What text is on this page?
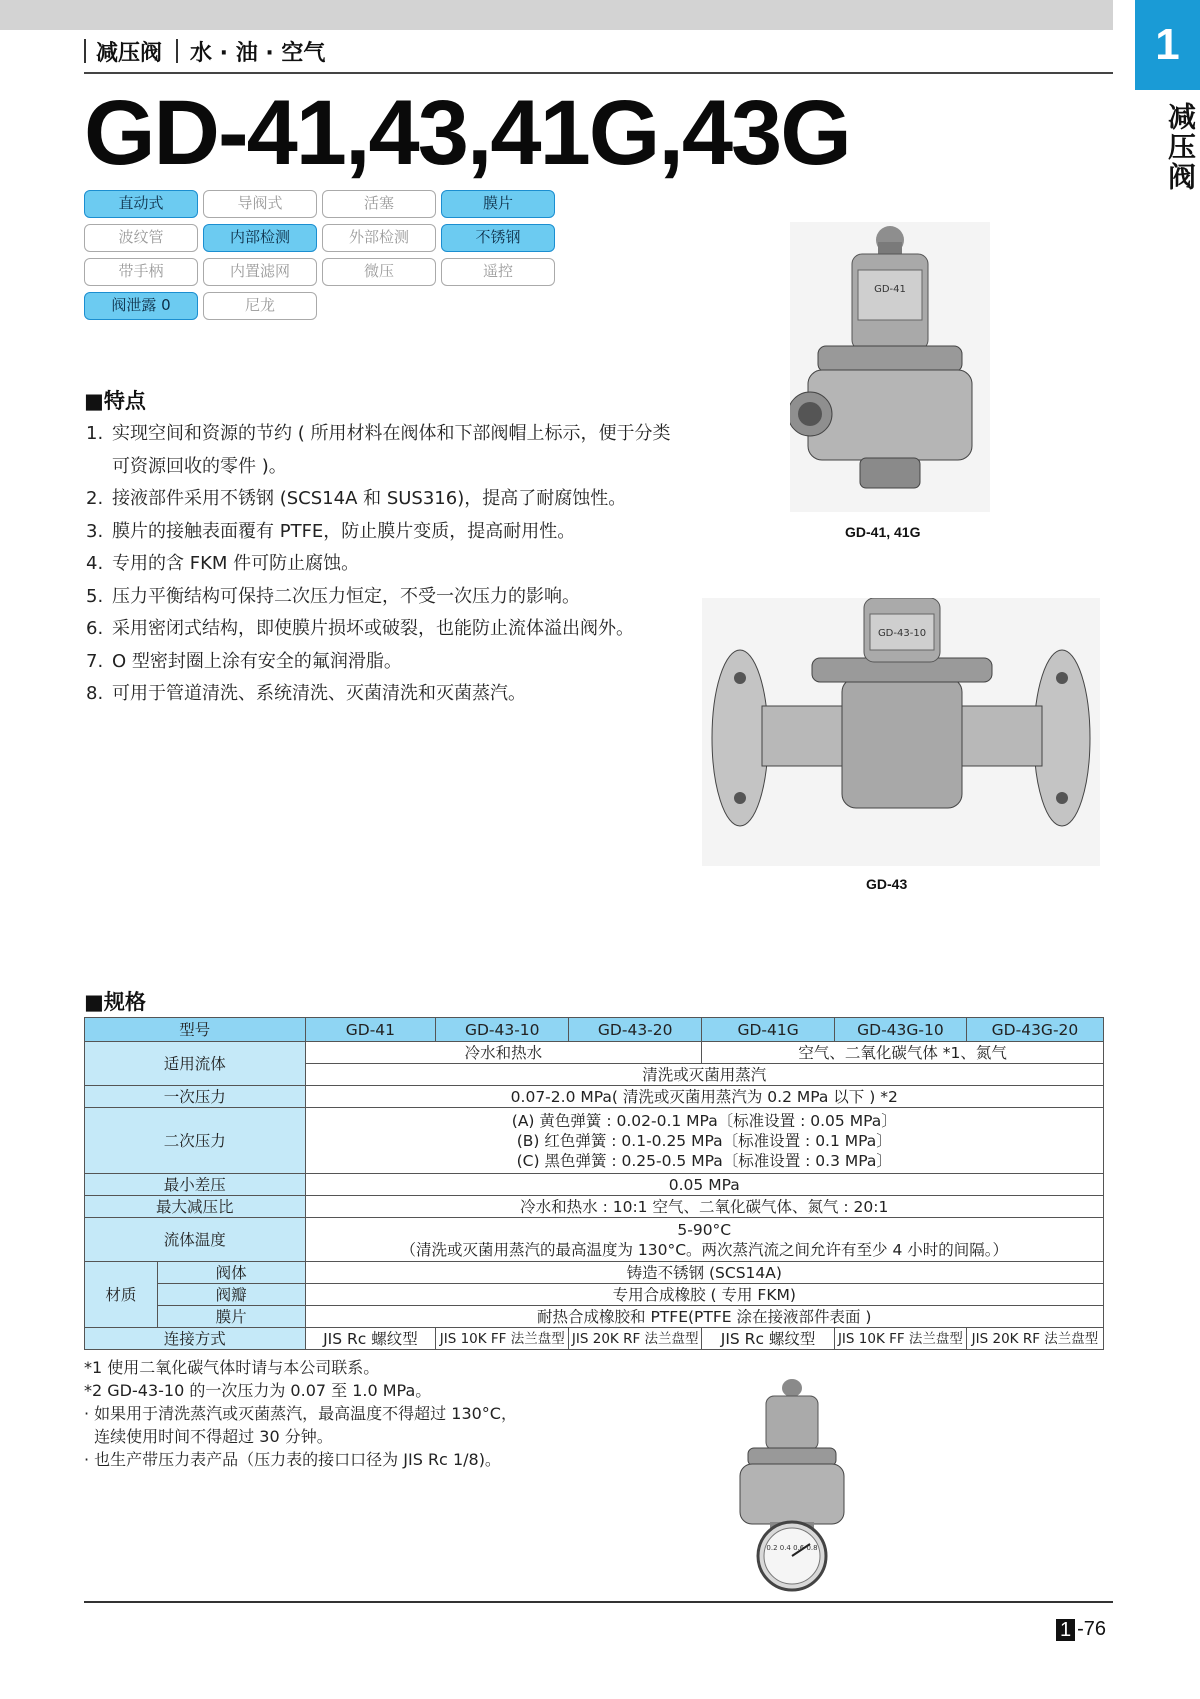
1
减压阀
减压阀 水 · 油 · 空气
GD-41,43,41G,43G
直动式	导阀式	活塞	膜片
波纹管	内部检测	外部检测	不锈钢
带手柄	内置滤网	微压	遥控
阀泄露 0	尼龙
■特点
1. 实现空间和资源的节约 ( 所用材料在阀体和下部阀帽上标示，便于分类可资源回收的零件 )。
2. 接液部件采用不锈钢 (SCS14A 和 SUS316)，提高了耐腐蚀性。
3. 膜片的接触表面覆有 PTFE，防止膜片变质，提高耐用性。
4. 专用的含 FKM 件可防止腐蚀。
5. 压力平衡结构可保持二次压力恒定，不受一次压力的影响。
6. 采用密闭式结构，即使膜片损坏或破裂，也能防止流体溢出阀外。
7. O 型密封圈上涂有安全的氟润滑脂。
8. 可用于管道清洗、系统清洗、灭菌清洗和灭菌蒸汽。
GD-41
GD-41, 41G
GD-43-10
GD-43
■规格
型号		GD-41	GD-43-10	GD-43-20	GD-41G	GD-43G-10	GD-43G-20
适用流体		冷水和热水			空气、二氧化碳气体 *1、氮气		
		清洗或灭菌用蒸汽					
一次压力		0.07-2.0 MPa( 清洗或灭菌用蒸汽为 0.2 MPa 以下 ) *2					
二次压力		(A) 黄色弹簧 : 0.02-0.1 MPa〔标准设置 : 0.05 MPa〕
(B) 红色弹簧 : 0.1-0.25 MPa〔标准设置 : 0.1 MPa〕
(C) 黑色弹簧 : 0.25-0.5 MPa〔标准设置 : 0.3 MPa〕					

最小差压		0.05 MPa					
最大减压比		冷水和热水 : 10:1 空气、二氧化碳气体、氮气 : 20:1					
流体温度		5-90°C
（清洗或灭菌用蒸汽的最高温度为 130°C。两次蒸汽流之间允许有至少 4 小时的间隔。）					

材质	阀体	铸造不锈钢 (SCS14A)					
	阀瓣	专用合成橡胶 ( 专用 FKM)					
	膜片	耐热合成橡胶和 PTFE(PTFE 涂在接液部件表面 )					
连接方式		JIS Rc 螺纹型	JIS 10K FF 法兰盘型	JIS 20K RF 法兰盘型	JIS Rc 螺纹型	JIS 10K FF 法兰盘型	JIS 20K RF 法兰盘型
*1 使用二氧化碳气体时请与本公司联系。
*2 GD-43-10 的一次压力为 0.07 至 1.0 MPa。
· 如果用于清洗蒸汽或灭菌蒸汽，最高温度不得超过 130°C，
连续使用时间不得超过 30 分钟。
· 也生产带压力表产品（压力表的接口口径为 JIS Rc 1/8)。
0.2 0.4 0.6 0.8
1 -76
